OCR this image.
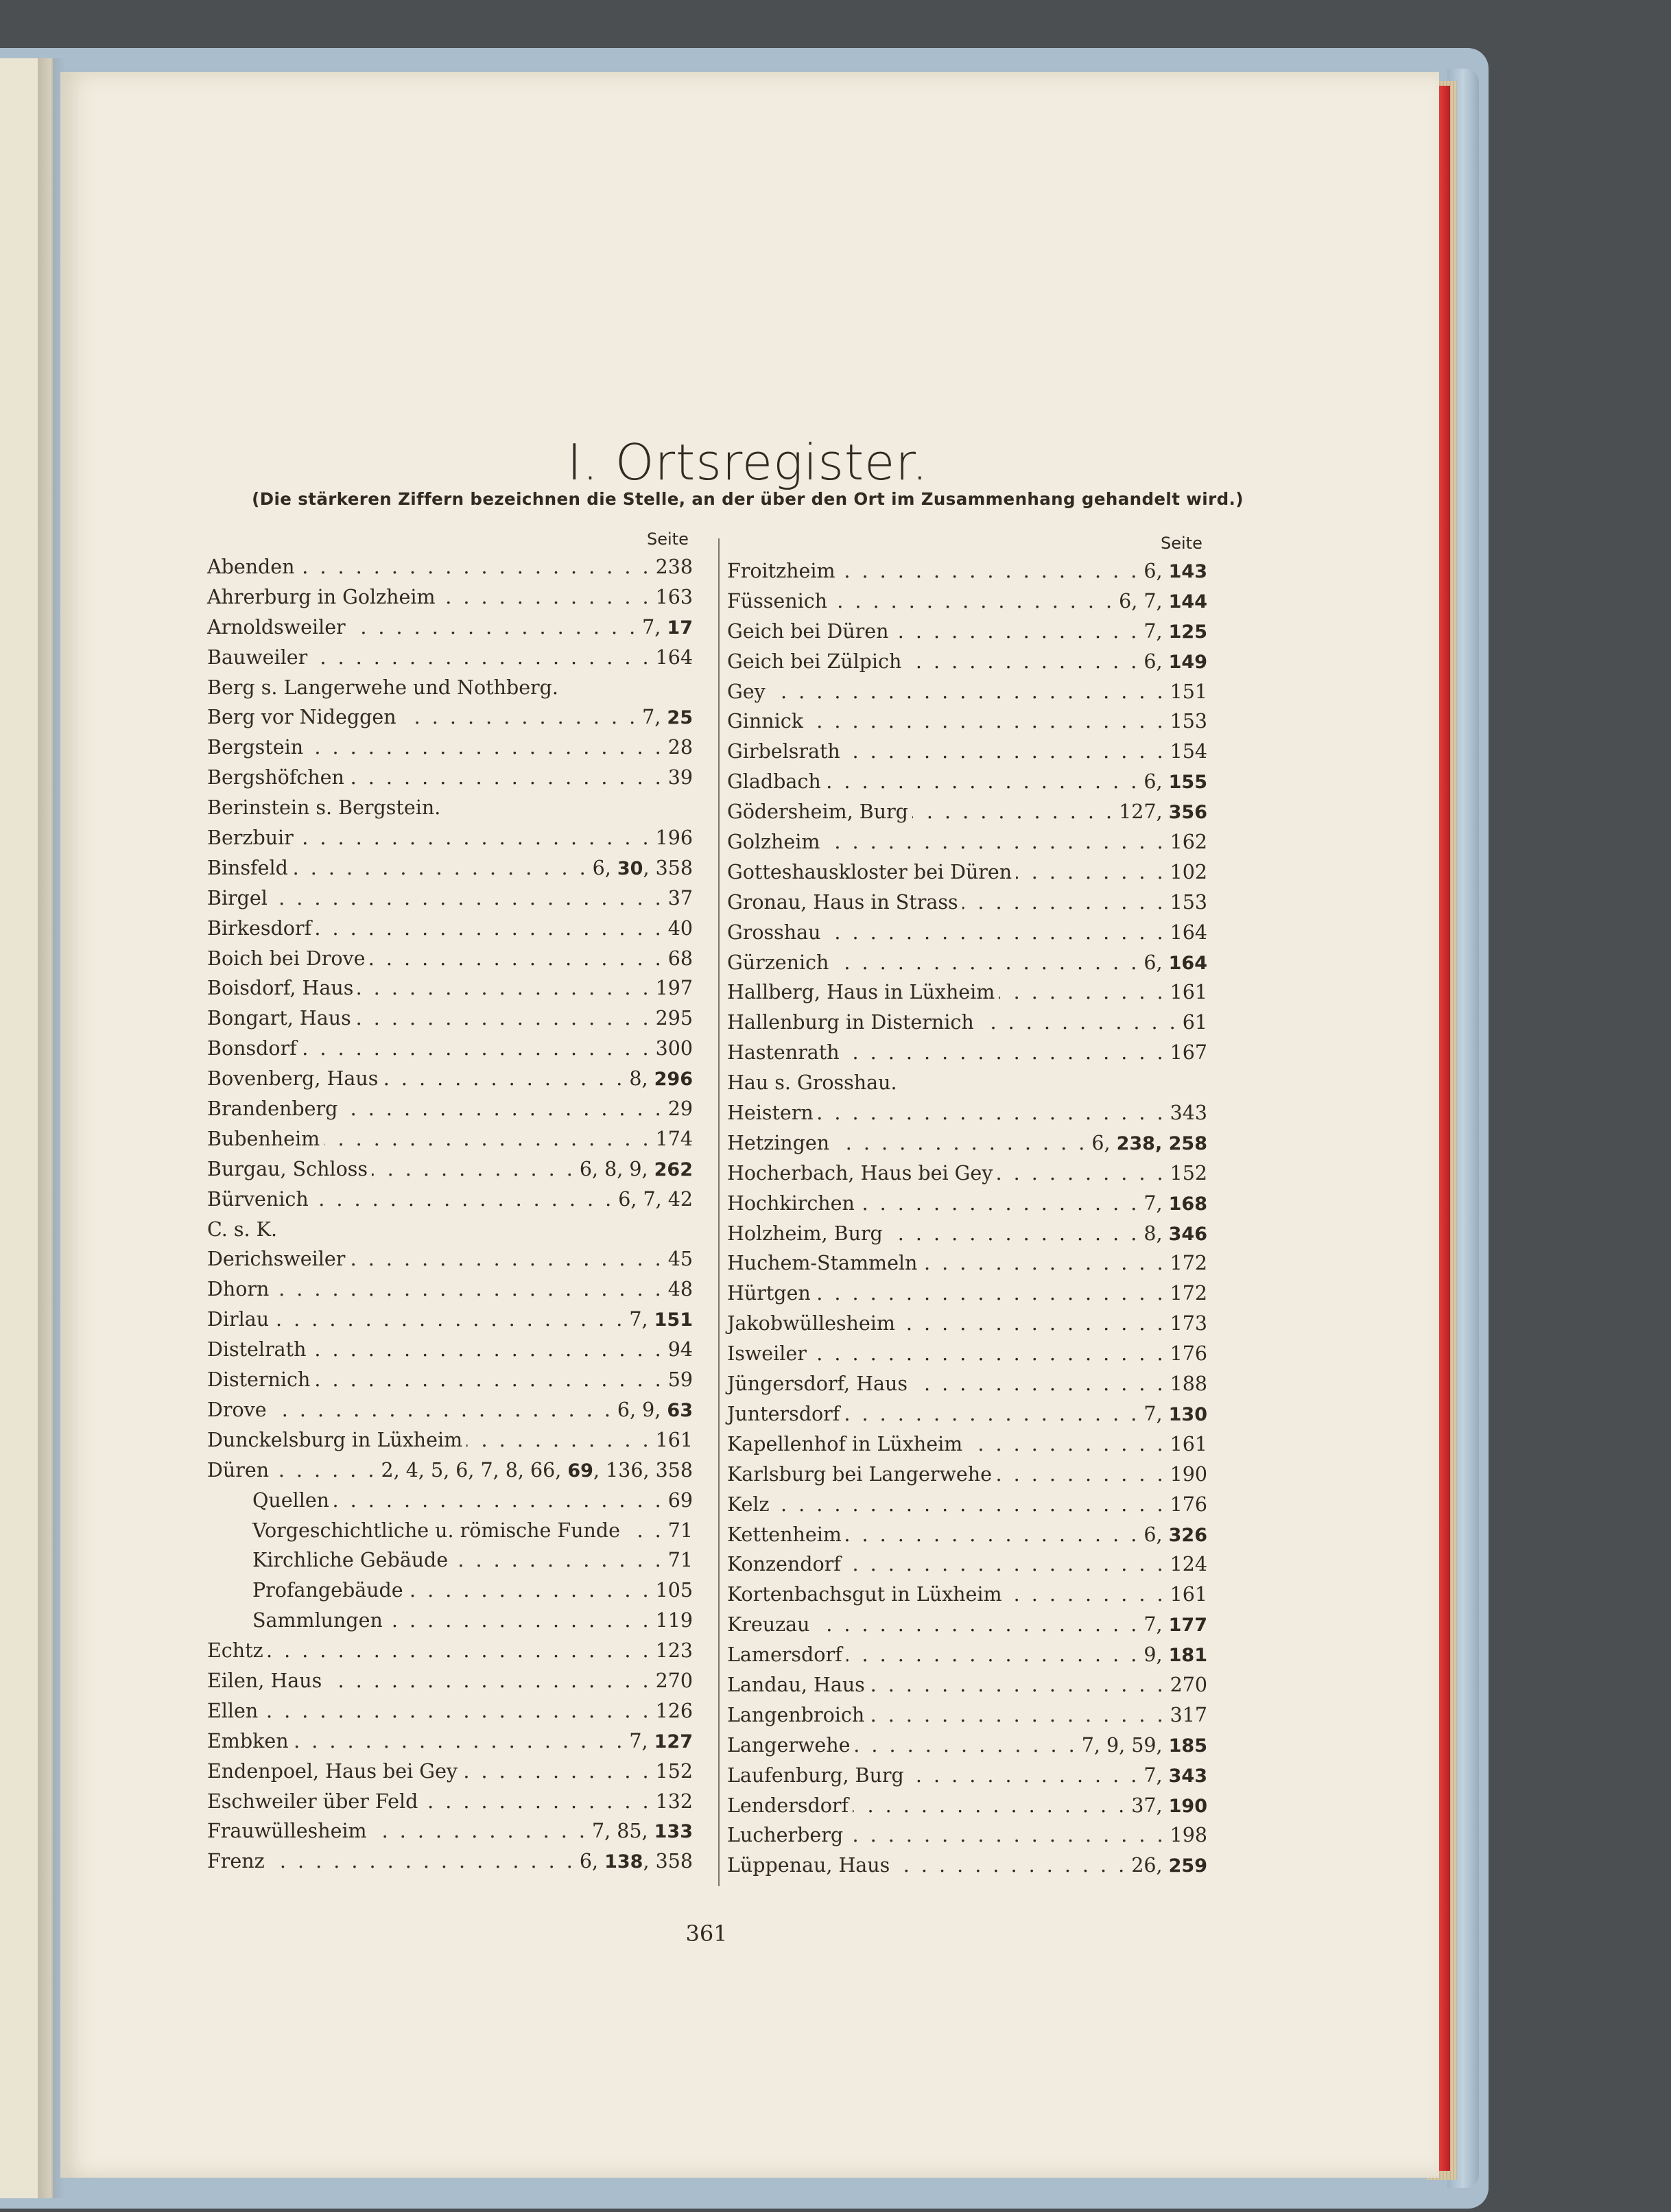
I. Ortsregister.
(Die stärkeren Ziffern bezeichnen die Stelle, an der über den Ort im Zusammenhang gehandelt wird.)
Seite	Seite
Abenden . . .	238
Ahrerburg in Golzheim . . .	163
Arnoldsweiler . . .	7, 17
Bauweiler . . .	164
Berg s. Langerwehe und Nothberg.
Berg vor Nideggen . . .	7, 25
Bergstein . . .	28
Bergshöfchen . . .	39
Berinstein s. Bergstein.
Berzbuir . . .	196
Binsfeld . . .	6, 30, 358
Birgel . . .	37
Birkesdorf . . .	40
Boich bei Drove . . .	68
Boisdorf, Haus . . .	197
Bongart, Haus . . .	295
Bonsdorf . . .	300
Bovenberg, Haus . . .	8, 296
Brandenberg . . .	29
Bubenheim . . .	174
Burgau, Schloss . . .	6, 8, 9, 262
Bürvenich . . .	6, 7, 42
C. s. K.
Derichsweiler . . .	45
Dhorn . . .	48
Dirlau . . .	7, 151
Distelrath . . .	94
Disternich . . .	59
Drove . . .	6, 9, 63
Dunckelsburg in Lüxheim . . .	161
Düren . . .	2, 4, 5, 6, 7, 8, 66, 69, 136, 358
Quellen . . .	69
Vorgeschichtliche u. römische Funde . . . 71
Kirchliche Gebäude . . .	71
Profangebäude . . .	105
Sammlungen . . .	119
Echtz . . .	123
Eilen, Haus . . .	270
Ellen . . .	126
Embken . . .	7, 127
Endenpoel, Haus bei Gey . . .	152
Eschweiler über Feld . . .	132
Frauwüllesheim . . .	7, 85, 133
Frenz . . .	6, 138, 358
Froitzheim . . .	6, 143
Füssenich . . .	6, 7, 144
Geich bei Düren . . .	7, 125
Geich bei Zülpich . . .	6, 149
Gey . . .	151
Ginnick . . .	153
Girbelsrath . . .	154
Gladbach . . .	6, 155
Gödersheim, Burg . . .	127, 356
Golzheim . . .	162
Gotteshauskloster bei Düren . . .	102
Gronau, Haus in Strass . . .	153
Grosshau . . .	164
Gürzenich . . .	6, 164
Hallberg, Haus in Lüxheim . . .	161
Hallenburg in Disternich . . .	61
Hastenrath . . .	167
Hau s. Grosshau.
Heistern . . .	343
Hetzingen . . .	6, 238, 258
Hocherbach, Haus bei Gey . . .	152
Hochkirchen . . .	7, 168
Holzheim, Burg . . .	8, 346
Huchem-Stammeln . . .	172
Hürtgen . . .	172
Jakobwüllesheim . . .	173
Isweiler . . .	176
Jüngersdorf, Haus . . .	188
Juntersdorf . . .	7, 130
Kapellenhof in Lüxheim . . .	161
Karlsburg bei Langerwehe . . .	190
Kelz . . .	176
Kettenheim . . .	6, 326
Konzendorf . . .	124
Kortenbachsgut in Lüxheim . . .	161
Kreuzau . . .	7, 177
Lamersdorf . . .	9, 181
Landau, Haus . . .	270
Langenbroich . . .	317
Langerwehe . . .	7, 9, 59, 185
Laufenburg, Burg . . .	7, 343
Lendersdorf . . .	37, 190
Lucherberg . . .	198
Lüppenau, Haus . . .	26, 259
361
